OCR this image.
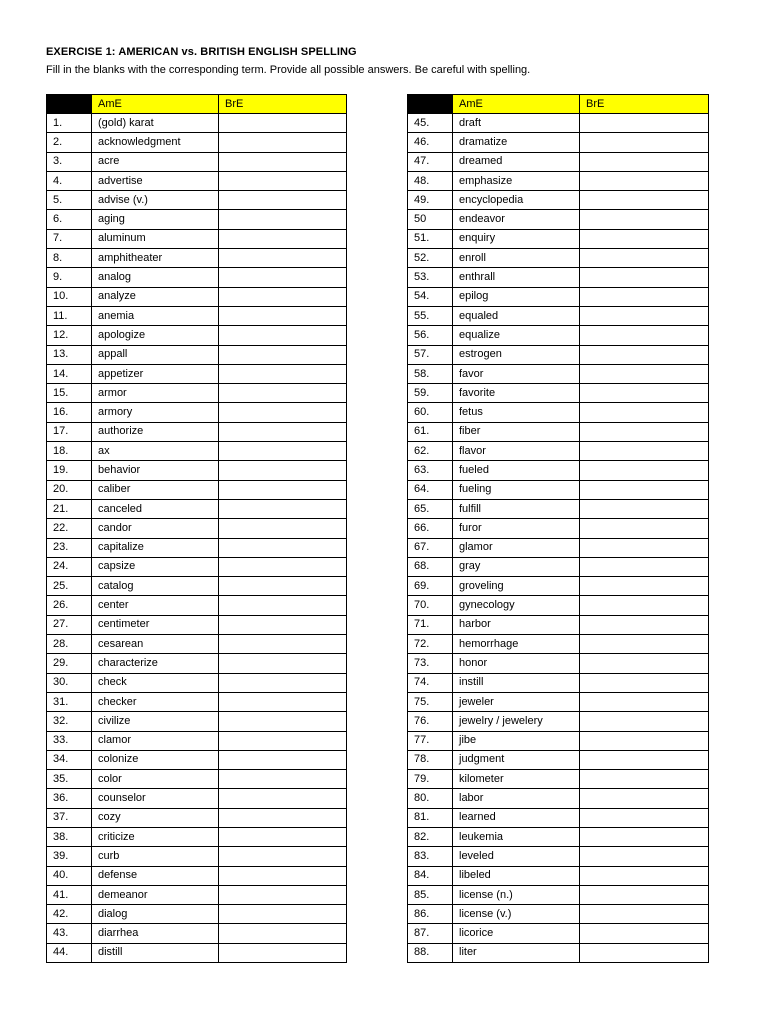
EXERCISE 1: AMERICAN vs. BRITISH ENGLISH SPELLING
Fill in the blanks with the corresponding term. Provide all possible answers. Be careful with spelling.
	AmE	BrE
1.	(gold) karat	
2.	acknowledgment	
3.	acre	
4.	advertise	
5.	advise (v.)	
6.	aging	
7.	aluminum	
8.	amphitheater	
9.	analog	
10.	analyze	
11.	anemia	
12.	apologize	
13.	appall	
14.	appetizer	
15.	armor	
16.	armory	
17.	authorize	
18.	ax	
19.	behavior	
20.	caliber	
21.	canceled	
22.	candor	
23.	capitalize	
24.	capsize	
25.	catalog	
26.	center	
27.	centimeter	
28.	cesarean	
29.	characterize	
30.	check	
31.	checker	
32.	civilize	
33.	clamor	
34.	colonize	
35.	color	
36.	counselor	
37.	cozy	
38.	criticize	
39.	curb	
40.	defense	
41.	demeanor	
42.	dialog	
43.	diarrhea	
44.	distill	
	AmE	BrE
45.	draft	
46.	dramatize	
47.	dreamed	
48.	emphasize	
49.	encyclopedia	
50	endeavor	
51.	enquiry	
52.	enroll	
53.	enthrall	
54.	epilog	
55.	equaled	
56.	equalize	
57.	estrogen	
58.	favor	
59.	favorite	
60.	fetus	
61.	fiber	
62.	flavor	
63.	fueled	
64.	fueling	
65.	fulfill	
66.	furor	
67.	glamor	
68.	gray	
69.	groveling	
70.	gynecology	
71.	harbor	
72.	hemorrhage	
73.	honor	
74.	instill	
75.	jeweler	
76.	jewelry / jewelery	
77.	jibe	
78.	judgment	
79.	kilometer	
80.	labor	
81.	learned	
82.	leukemia	
83.	leveled	
84.	libeled	
85.	license (n.)	
86.	license (v.)	
87.	licorice	
88.	liter	
